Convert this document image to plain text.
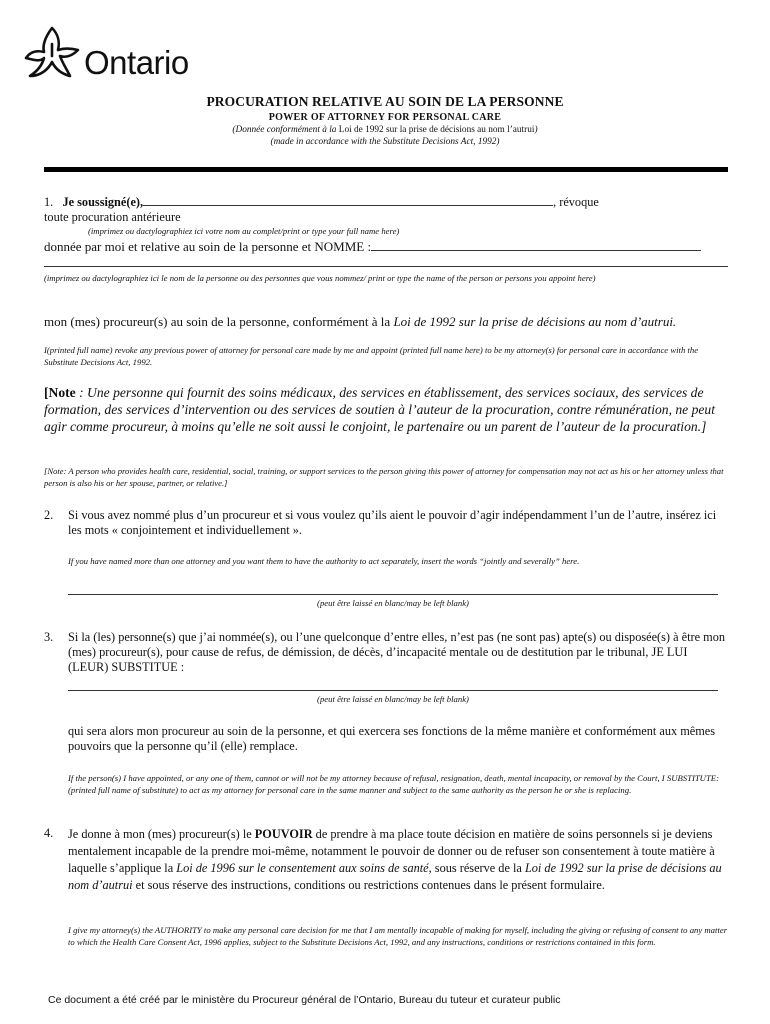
Ontario
PROCURATION RELATIVE AU SOIN DE LA PERSONNE
POWER OF ATTORNEY FOR PERSONAL CARE
(Donnée conformément à la Loi de 1992 sur la prise de décisions au nom l’autrui)
(made in accordance with the Substitute Decisions Act, 1992)
1. Je soussigné(e),	, révoque
toute procuration antérieure
(imprimez ou dactylographiez ici votre nom au complet/print or type your full name here)
donnée par moi et relative au soin de la personne et NOMME :
(imprimez ou dactylographiez ici le nom de la personne ou des personnes que vous nommez/ print or type the name of the person or persons you appoint here)
mon (mes) procureur(s) au soin de la personne, conformément à la Loi de 1992 sur la prise de décisions au nom d’autrui.
I(printed full name) revoke any previous power of attorney for personal care made by me and appoint (printed full name here) to be my attorney(s) for personal care in accordance with the Substitute Decisions Act, 1992.
[Note : Une personne qui fournit des soins médicaux, des services en établissement, des services sociaux, des services de formation, des services d’intervention ou des services de soutien à l’auteur de la procuration, contre rémunération, ne peut agir comme procureur, à moins qu’elle ne soit aussi le conjoint, le partenaire ou un parent de l’auteur de la procuration.]
[Note: A person who provides health care, residential, social, training, or support services to the person giving this power of attorney for compensation may not act as his or her attorney unless that person is also his or her spouse, partner, or relative.]
2. Si vous avez nommé plus d’un procureur et si vous voulez qu’ils aient le pouvoir d’agir indépendamment l’un de l’autre, insérez ici les mots « conjointement et individuellement ».
If you have named more than one attorney and you want them to have the authority to act separately, insert the words “jointly and severally” here.
(peut être laissé en blanc/may be left blank)
3. Si la (les) personne(s) que j’ai nommée(s), ou l’une quelconque d’entre elles, n’est pas (ne sont pas) apte(s) ou disposée(s) à être mon (mes) procureur(s), pour cause de refus, de démission, de décès, d’incapacité mentale ou de destitution par le tribunal, JE LUI (LEUR) SUBSTITUE :
(peut être laissé en blanc/may be left blank)
qui sera alors mon procureur au soin de la personne, et qui exercera ses fonctions de la même manière et conformément aux mêmes pouvoirs que la personne qu’il (elle) remplace.
If the person(s) I have appointed, or any one of them, cannot or will not be my attorney because of refusal, resignation, death, mental incapacity, or removal by the Court, I SUBSTITUTE: (printed full name of substitute) to act as my attorney for personal care in the same manner and subject to the same authority as the person he or she is replacing.
4. Je donne à mon (mes) procureur(s) le POUVOIR de prendre à ma place toute décision en matière de soins personnels si je deviens mentalement incapable de la prendre moi-même, notamment le pouvoir de donner ou de refuser son consentement à toute matière à laquelle s’applique la Loi de 1996 sur le consentement aux soins de santé, sous réserve de la Loi de 1992 sur la prise de décisions au nom d’autrui et sous réserve des instructions, conditions ou restrictions contenues dans le présent formulaire.
I give my attorney(s) the AUTHORITY to make any personal care decision for me that I am mentally incapable of making for myself, including the giving or refusing of consent to any matter to which the Health Care Consent Act, 1996 applies, subject to the Substitute Decisions Act, 1992, and any instructions, conditions or restrictions contained in this form.
Ce document a été créé par le ministère du Procureur général de l’Ontario, Bureau du tuteur et curateur public
